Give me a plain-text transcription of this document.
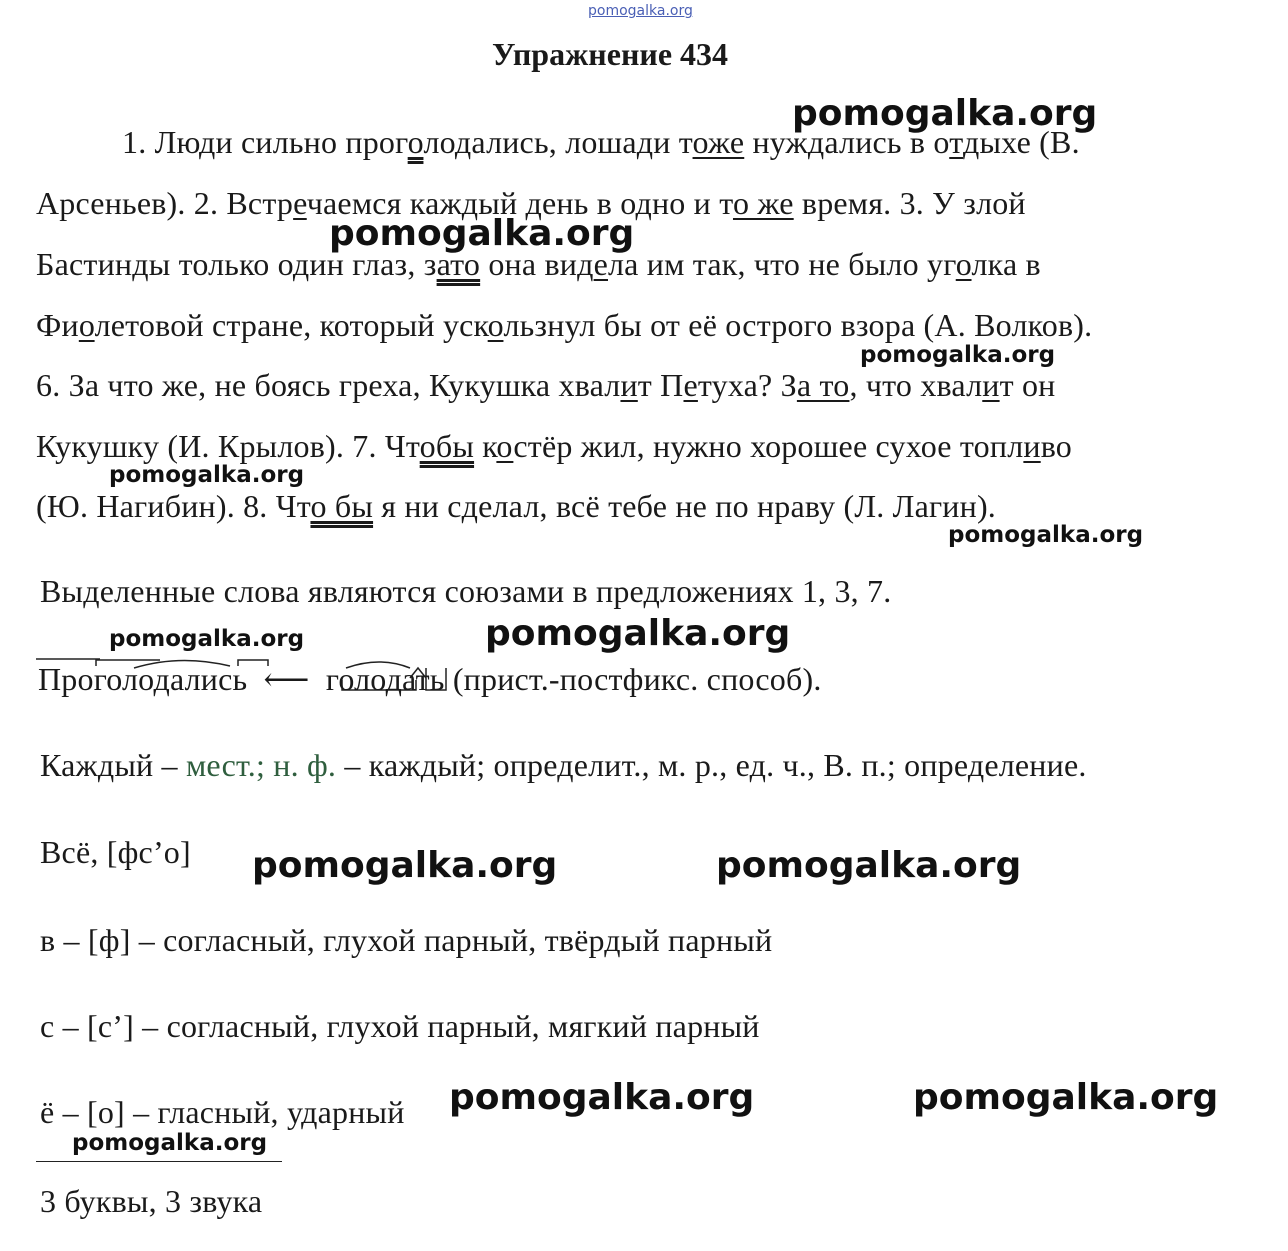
pomogalka.org
Упражнение 434
1. Люди сильно проголодались, лошади тоже нуждались в отдыхе (В.
Арсеньев). 2. Встречаемся каждый день в одно и то же время. 3. У злой
Бастинды только один глаз, зато она видела им так, что не было уголка в
Фиолетовой стране, который ускользнул бы от её острого взора (А. Волков).
6. За что же, не боясь греха, Кукушка хвалит Петуха? За то, что хвалит он
Кукушку (И. Крылов). 7. Чтобы костёр жил, нужно хорошее сухое топливо
(Ю. Нагибин). 8. Что бы я ни сделал, всё тебе не по нраву (Л. Лагин).
Выделенные слова являются союзами в предложениях 1, 3, 7.
Проголодались ⟵ голодать (прист.-постфикс. способ).
Каждый – мест.; н. ф. – каждый; определит., м. р., ед. ч., В. п.; определение.
Всё, [фс’о]
в – [ф] – согласный, глухой парный, твёрдый парный
с – [с’] – согласный, глухой парный, мягкий парный
ё – [о] – гласный, ударный
3 буквы, 3 звука
pomogalka.org
pomogalka.org
pomogalka.org
pomogalka.org
pomogalka.org
pomogalka.org	pomogalka.org
pomogalka.org	pomogalka.org
pomogalka.org	pomogalka.org
pomogalka.org
